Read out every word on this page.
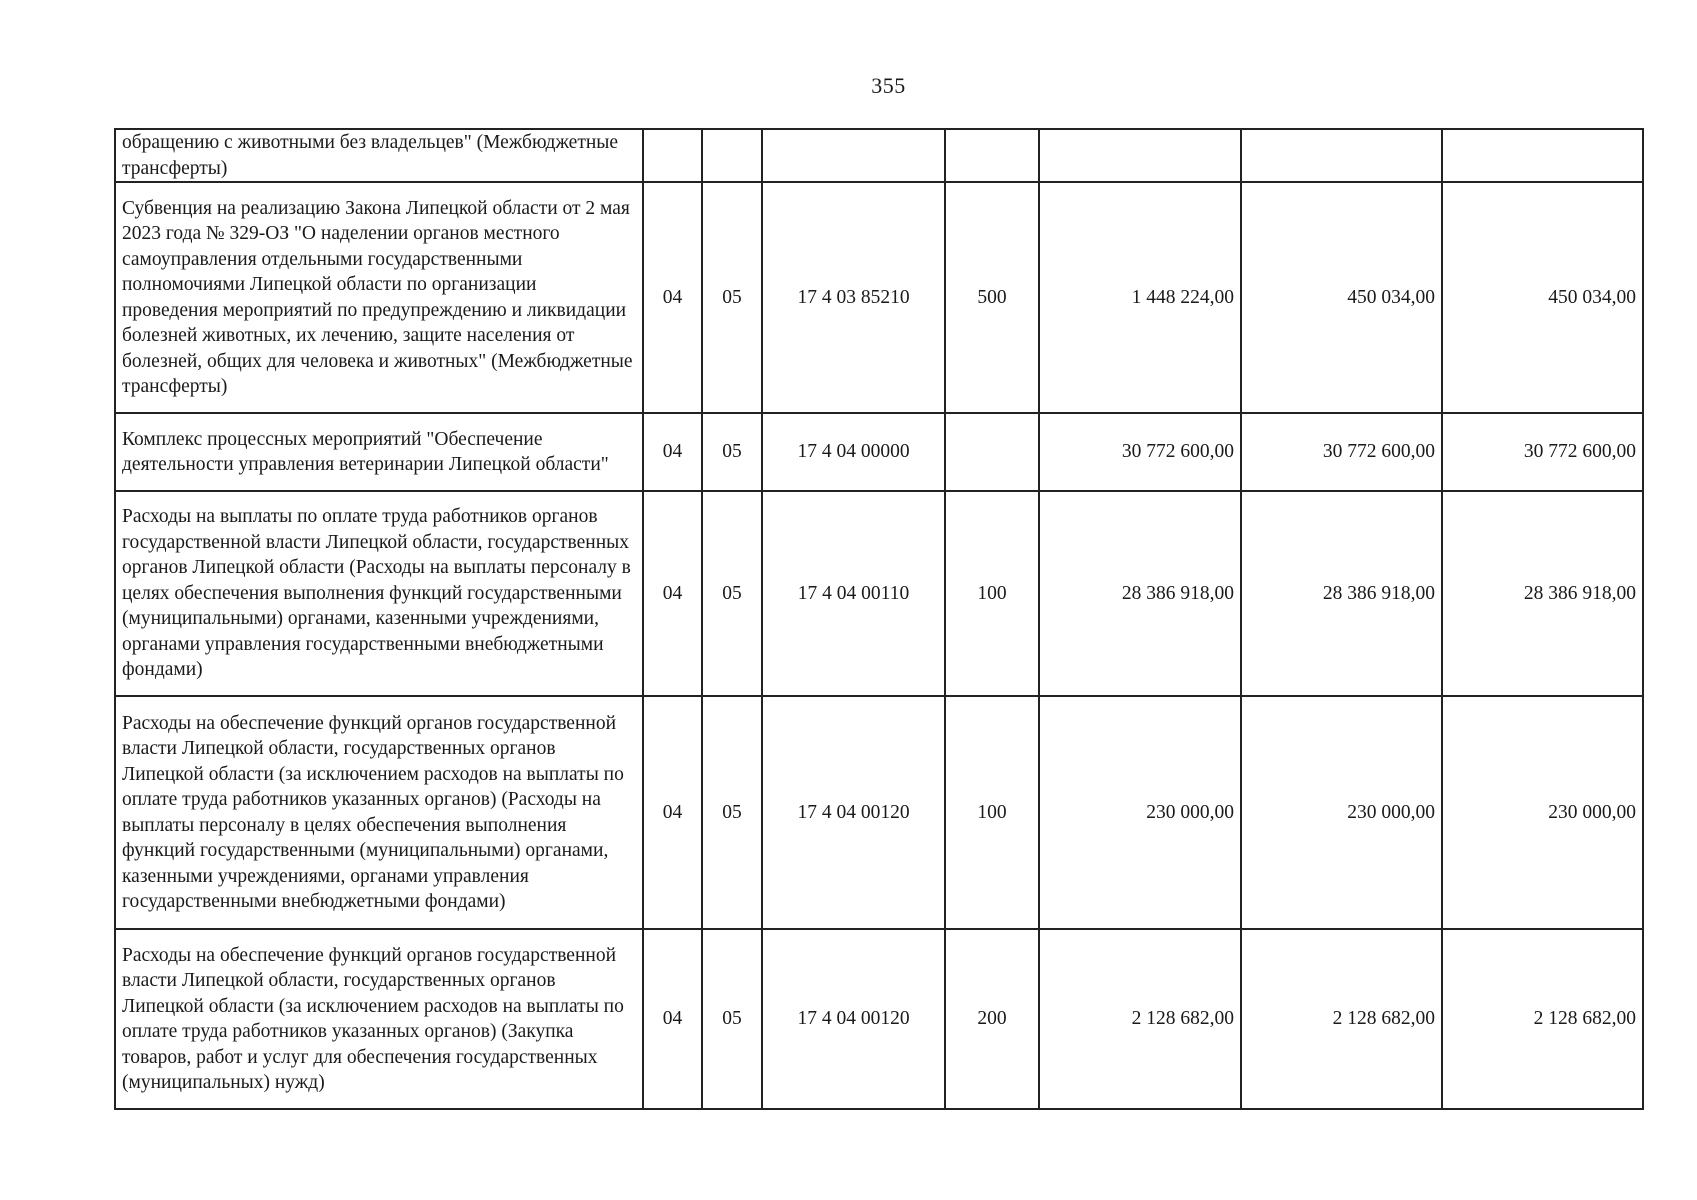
355
обращению с животными без владельцев" (Межбюджетные трансферты)							
Субвенция на реализацию Закона Липецкой области от 2 мая 2023 года № 329-ОЗ "О наделении органов местного самоуправления отдельными государственными полномочиями Липецкой области по организации проведения мероприятий по предупреждению и ликвидации болезней животных, их лечению, защите населения от болезней, общих для человека и животных" (Межбюджетные трансферты)	04	05	17 4 03 85210	500	1 448 224,00	450 034,00	450 034,00
Комплекс процессных мероприятий "Обеспечение деятельности управления ветеринарии Липецкой области"	04	05	17 4 04 00000		30 772 600,00	30 772 600,00	30 772 600,00
Расходы на выплаты по оплате труда работников органов государственной власти Липецкой области, государственных органов Липецкой области (Расходы на выплаты персоналу в целях обеспечения выполнения функций государственными (муниципальными) органами, казенными учреждениями, органами управления государственными внебюджетными фондами)	04	05	17 4 04 00110	100	28 386 918,00	28 386 918,00	28 386 918,00
Расходы на обеспечение функций органов государственной власти Липецкой области, государственных органов Липецкой области (за исключением расходов на выплаты по оплате труда работников указанных органов) (Расходы на выплаты персоналу в целях обеспечения выполнения функций государственными (муниципальными) органами, казенными учреждениями, органами управления государственными внебюджетными фондами)	04	05	17 4 04 00120	100	230 000,00	230 000,00	230 000,00
Расходы на обеспечение функций органов государственной власти Липецкой области, государственных органов Липецкой области (за исключением расходов на выплаты по оплате труда работников указанных органов) (Закупка товаров, работ и услуг для обеспечения государственных (муниципальных) нужд)	04	05	17 4 04 00120	200	2 128 682,00	2 128 682,00	2 128 682,00
